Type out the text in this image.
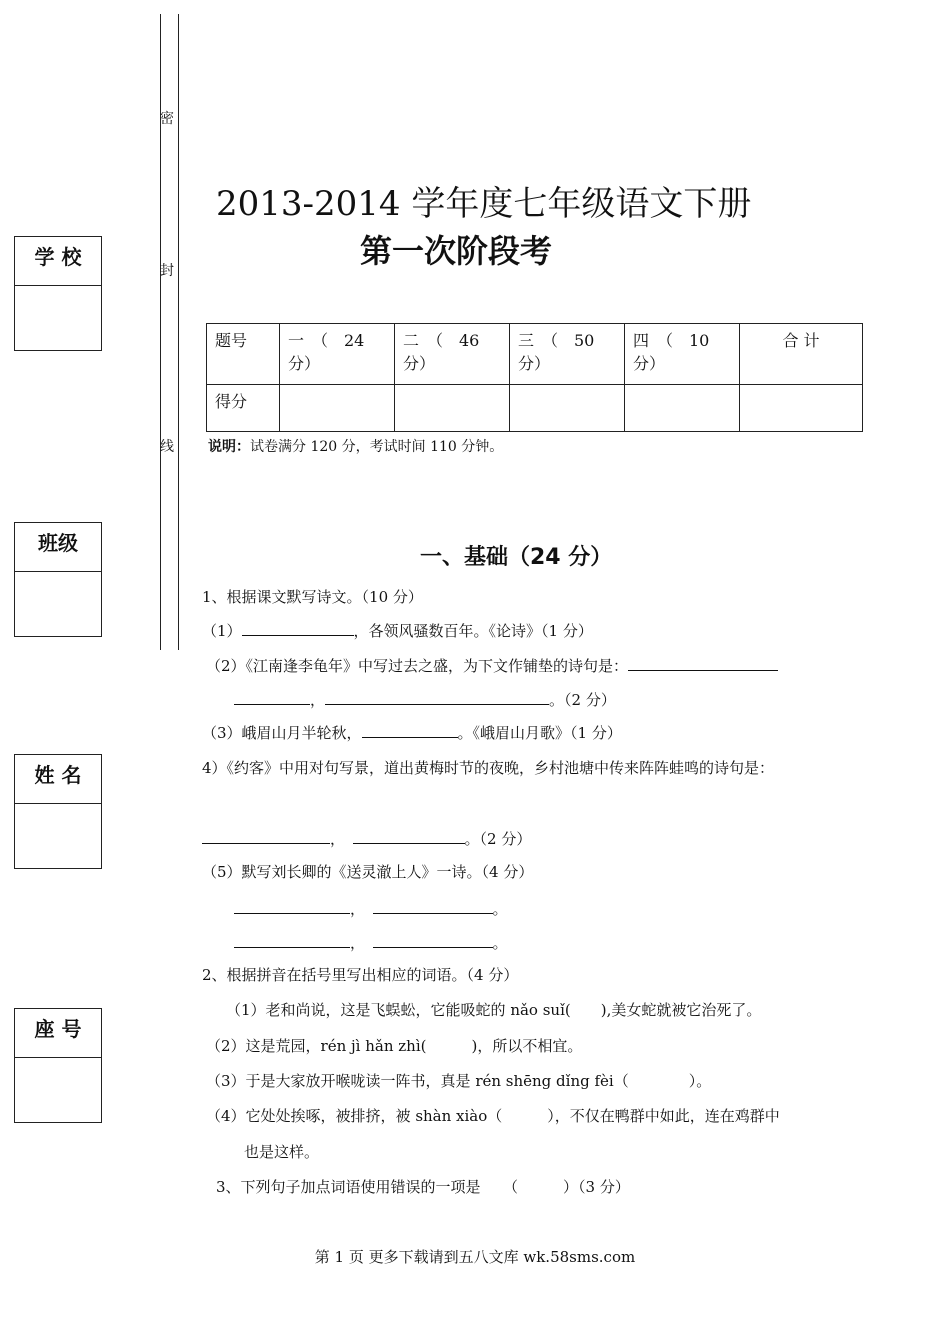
密
封
线
学 校
班级
姓 名
座 号
2013-2014 学年度七年级语文下册
第一次阶段考
题号	一　（　24 分）	二　（　46 分）	三　（　50 分）	四　（　10 分）	合 计
得分					
说明：试卷满分 120 分，考试时间 110 分钟。
一、基础（24 分）
1、根据课文默写诗文。（10 分）
（1）	，各领风骚数百年。《论诗》（1 分）
（2）《江南逢李龟年》中写过去之盛，为下文作铺垫的诗句是：
，	。（2 分）
（3）峨眉山月半轮秋，	。《峨眉山月歌》（1 分）
4）《约客》中用对句写景，道出黄梅时节的夜晚，乡村池塘中传来阵阵蛙鸣的诗句是：
，　	。（2 分）
（5）默写刘长卿的《送灵澈上人》一诗。（4 分）
，　	。
，　	。
2、根据拼音在括号里写出相应的词语。（4 分）
（1）老和尚说，这是飞蜈蚣，它能吸蛇的 nǎo suǐ(　　),美女蛇就被它治死了。
（2）这是荒园，rén jì hǎn zhì(　　　)，所以不相宜。
（3）于是大家放开喉咙读一阵书，真是 rén shēng dǐng fèi（　　　　）。
（4）它处处挨啄，被排挤，被 shàn xiào（　　　），不仅在鸭群中如此，连在鸡群中
也是这样。
3、下列句子加点词语使用错误的一项是　　（　　　）（3 分）
第 1 页 更多下载请到五八文库 wk.58sms.com
